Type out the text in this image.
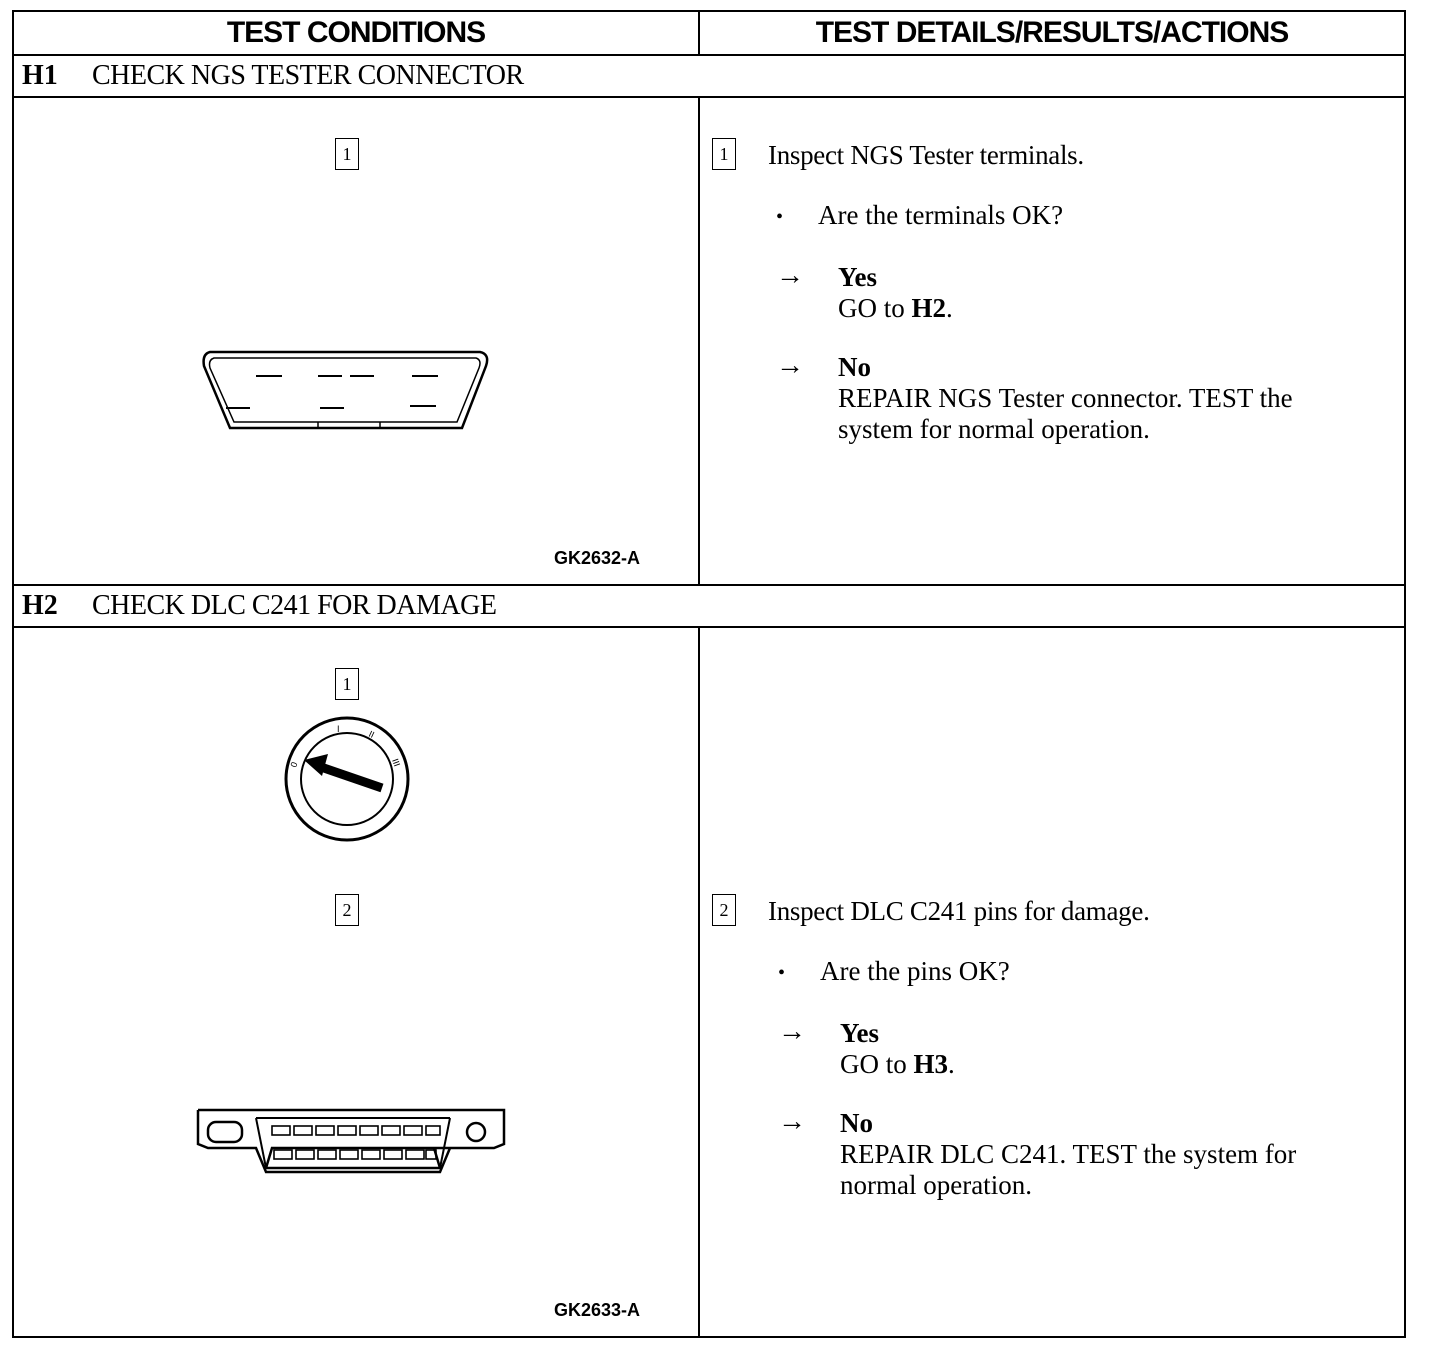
TEST CONDITIONS	TEST DETAILS/RESULTS/ACTIONS
H1	CHECK NGS TESTER CONNECTOR
1
GK2632-A
1 Inspect NGS Tester terminals.
• Are the terminals OK?
→ Yes
GO to H2.
→ No
REPAIR NGS Tester connector. TEST the
system for normal operation.
H2	CHECK DLC C241 FOR DAMAGE
1
0
I	II
III
2
GK2633-A
2 Inspect DLC C241 pins for damage.
• Are the pins OK?
→ Yes
GO to H3.
→ No
REPAIR DLC C241. TEST the system for
normal operation.
